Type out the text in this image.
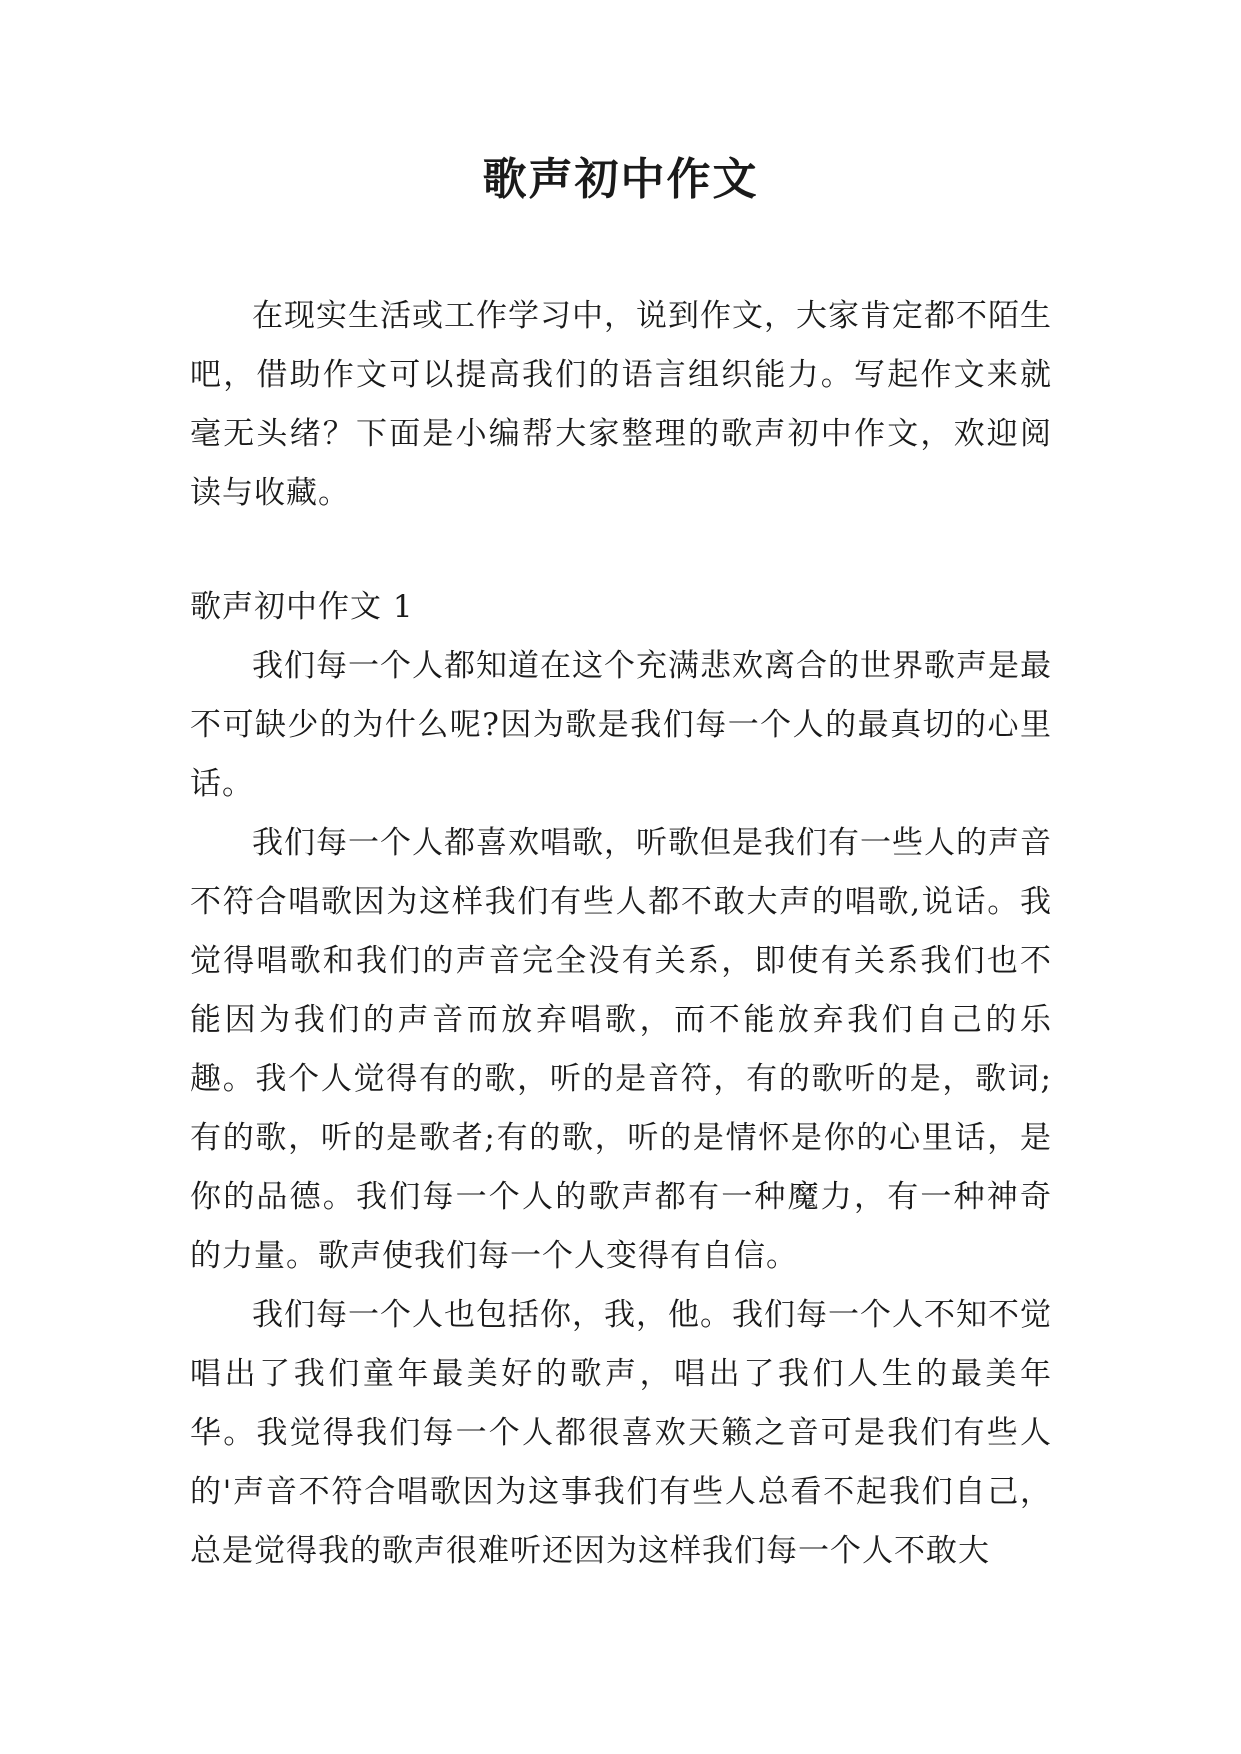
歌声初中作文

在现实生活或工作学习中，说到作文，大家肯定都不陌生吧，借助作文可以提高我们的语言组织能力。写起作文来就毫无头绪？下面是小编帮大家整理的歌声初中作文，欢迎阅读与收藏。

歌声初中作文 1

我们每一个人都知道在这个充满悲欢离合的世界歌声是最不可缺少的为什么呢?因为歌是我们每一个人的最真切的心里话。

我们每一个人都喜欢唱歌，听歌但是我们有一些人的声音不符合唱歌因为这样我们有些人都不敢大声的唱歌,说话。我觉得唱歌和我们的声音完全没有关系，即使有关系我们也不能因为我们的声音而放弃唱歌，而不能放弃我们自己的乐趣。我个人觉得有的歌，听的是音符，有的歌听的是，歌词;有的歌，听的是歌者;有的歌，听的是情怀是你的心里话，是你的品德。我们每一个人的歌声都有一种魔力，有一种神奇的力量。歌声使我们每一个人变得有自信。

我们每一个人也包括你，我，他。我们每一个人不知不觉唱出了我们童年最美好的歌声，唱出了我们人生的最美年华。我觉得我们每一个人都很喜欢天籁之音可是我们有些人的'声音不符合唱歌因为这事我们有些人总看不起我们自己，总是觉得我的歌声很难听还因为这样我们每一个人不敢大
